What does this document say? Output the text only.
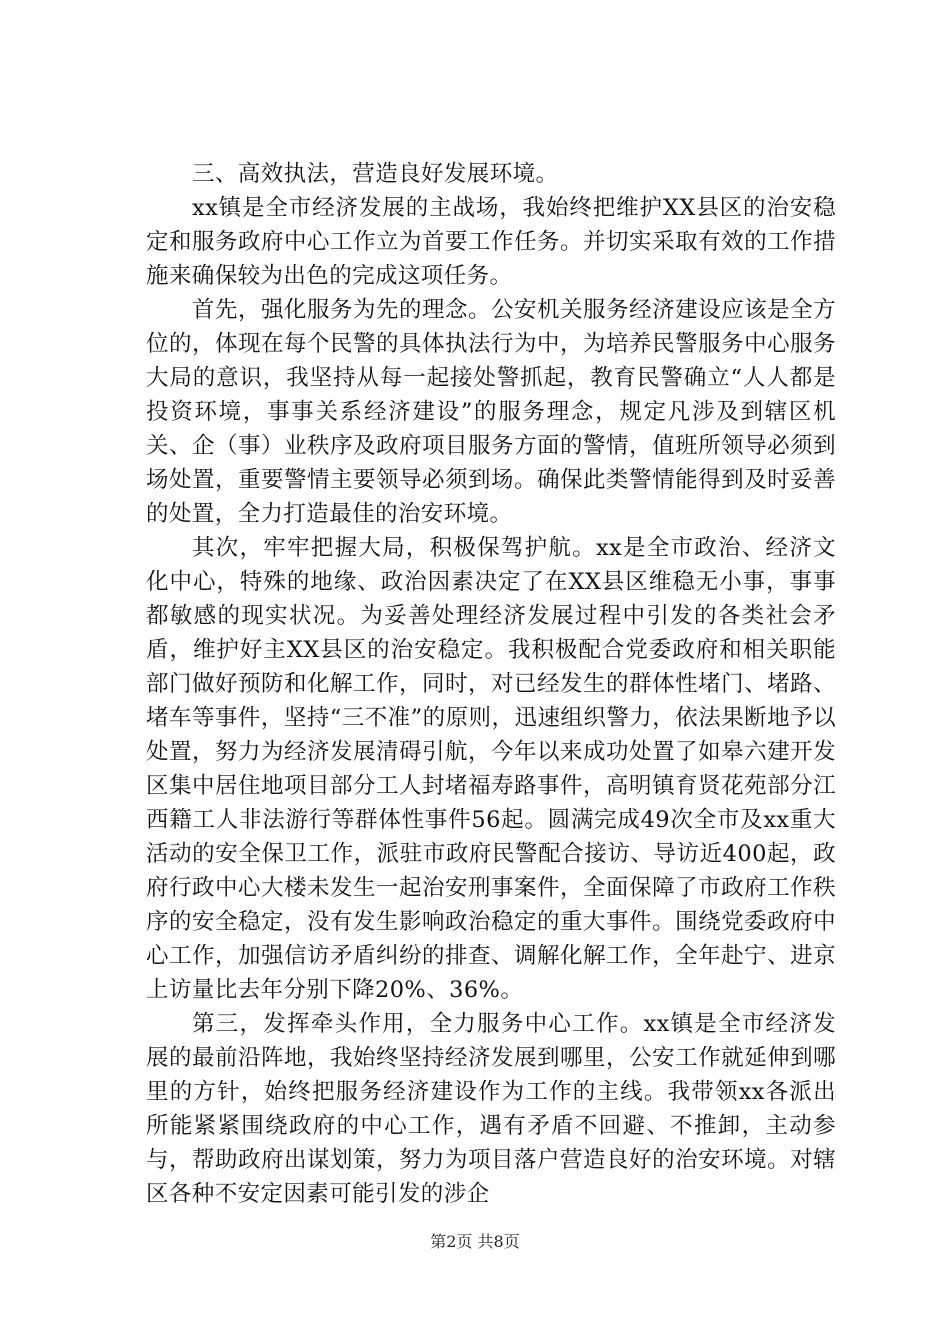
三、高效执法，营造良好发展环境。

xx镇是全市经济发展的主战场，我始终把维护XX县区的治安稳定和服务政府中心工作立为首要工作任务。并切实采取有效的工作措施来确保较为出色的完成这项任务。

首先，强化服务为先的理念。公安机关服务经济建设应该是全方位的，体现在每个民警的具体执法行为中，为培养民警服务中心服务大局的意识，我坚持从每一起接处警抓起，教育民警确立“人人都是投资环境，事事关系经济建设”的服务理念，规定凡涉及到辖区机关、企（事）业秩序及政府项目服务方面的警情，值班所领导必须到场处置，重要警情主要领导必须到场。确保此类警情能得到及时妥善的处置，全力打造最佳的治安环境。

其次，牢牢把握大局，积极保驾护航。xx是全市政治、经济文化中心，特殊的地缘、政治因素决定了在XX县区维稳无小事，事事都敏感的现实状况。为妥善处理经济发展过程中引发的各类社会矛盾，维护好主XX县区的治安稳定。我积极配合党委政府和相关职能部门做好预防和化解工作，同时，对已经发生的群体性堵门、堵路、堵车等事件，坚持“三不准”的原则，迅速组织警力，依法果断地予以处置，努力为经济发展清碍引航，今年以来成功处置了如皋六建开发区集中居住地项目部分工人封堵福寿路事件，高明镇育贤花苑部分江西籍工人非法游行等群体性事件56起。圆满完成49次全市及xx重大活动的安全保卫工作，派驻市政府民警配合接访、导访近400起，政府行政中心大楼未发生一起治安刑事案件，全面保障了市政府工作秩序的安全稳定，没有发生影响政治稳定的重大事件。围绕党委政府中心工作，加强信访矛盾纠纷的排查、调解化解工作，全年赴宁、进京上访量比去年分别下降20%、36%。

第三，发挥牵头作用，全力服务中心工作。xx镇是全市经济发展的最前沿阵地，我始终坚持经济发展到哪里，公安工作就延伸到哪里的方针，始终把服务经济建设作为工作的主线。我带领xx各派出所能紧紧围绕政府的中心工作，遇有矛盾不回避、不推卸，主动参与，帮助政府出谋划策，努力为项目落户营造良好的治安环境。对辖区各种不安定因素可能引发的涉企

第2页 共8页
